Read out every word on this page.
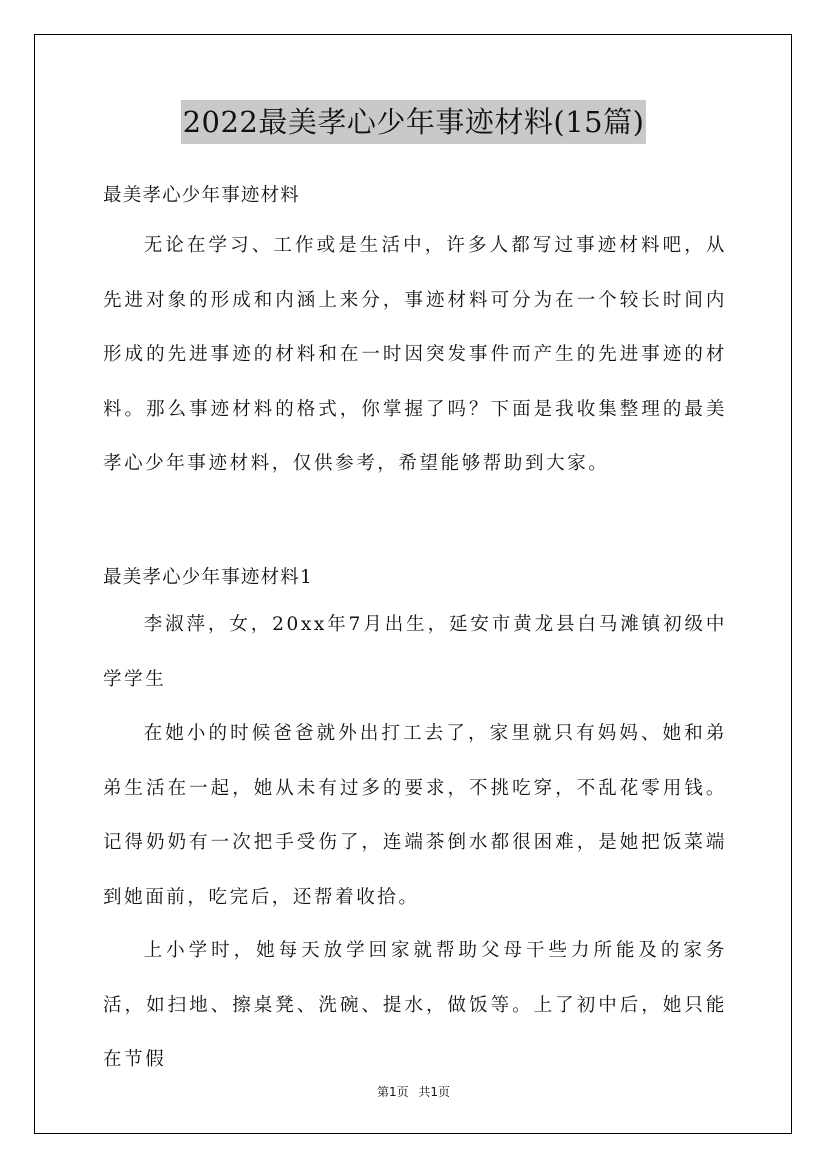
2022最美孝心少年事迹材料(15篇)
最美孝心少年事迹材料

无论在学习、工作或是生活中，许多人都写过事迹材料吧，从先进对象的形成和内涵上来分，事迹材料可分为在一个较长时间内形成的先进事迹的材料和在一时因突发事件而产生的先进事迹的材料。那么事迹材料的格式，你掌握了吗？下面是我收集整理的最美孝心少年事迹材料，仅供参考，希望能够帮助到大家。

最美孝心少年事迹材料1

李淑萍，女，20xx年7月出生，延安市黄龙县白马滩镇初级中学学生

在她小的时候爸爸就外出打工去了，家里就只有妈妈、她和弟弟生活在一起，她从未有过多的要求，不挑吃穿，不乱花零用钱。记得奶奶有一次把手受伤了，连端茶倒水都很困难，是她把饭菜端到她面前，吃完后，还帮着收拾。

上小学时，她每天放学回家就帮助父母干些力所能及的家务活，如扫地、擦桌凳、洗碗、提水，做饭等。上了初中后，她只能在节假

第1页 共1页
